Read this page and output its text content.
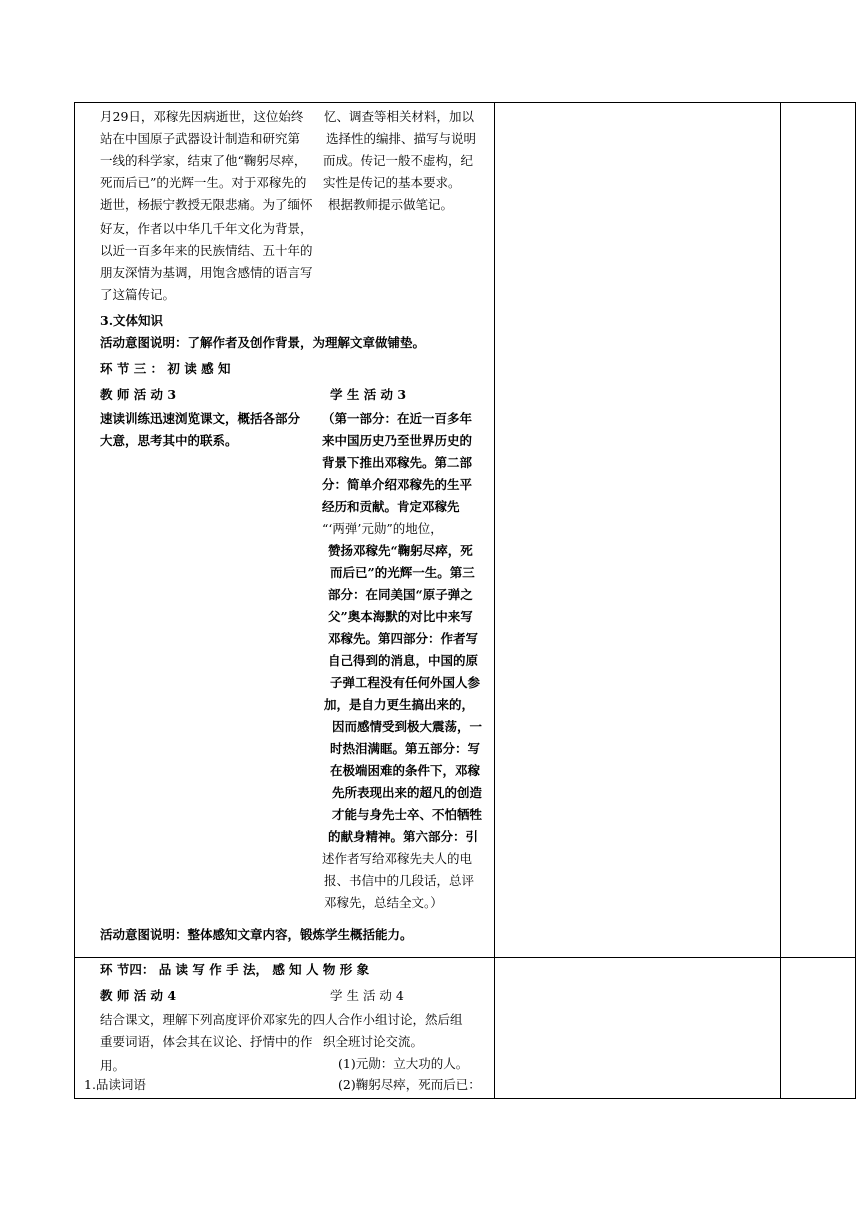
月29日，邓稼先因病逝世，这位始终
站在中国原子武器设计制造和研究第
一线的科学家，结束了他“鞠躬尽瘁，
死而后已”的光辉一生。对于邓稼先的
逝世，杨振宁教授无限悲痛。为了缅怀
好友，作者以中华几千年文化为背景，
以近一百多年来的民族情结、五十年的
朋友深情为基调，用饱含感情的语言写
了这篇传记。
忆、调查等相关材料，加以
选择性的编排、描写与说明
而成。传记一般不虚构，纪
实性是传记的基本要求。
根据教师提示做笔记。
3.文体知识
活动意图说明：了解作者及创作背景，为理解文章做铺垫。
环 节 三 ： 初 读 感 知
教 师 活 动 3	学 生 活 动 3
速读训练迅速浏览课文，概括各部分
大意，思考其中的联系。
（第一部分：在近一百多年
来中国历史乃至世界历史的
背景下推出邓稼先。第二部
分：简单介绍邓稼先的生平
经历和贡献。肯定邓稼先
“‘两弹’元勋”的地位，
赞扬邓稼先“鞠躬尽瘁，死
而后已”的光辉一生。第三
部分：在同美国“原子弹之
父”奥本海默的对比中来写
邓稼先。第四部分：作者写
自己得到的消息，中国的原
子弹工程没有任何外国人参
加，是自力更生搞出来的，
因而感情受到极大震荡，一
时热泪满眶。第五部分：写
在极端困难的条件下，邓稼
先所表现出来的超凡的创造
才能与身先士卒、不怕牺牲
的献身精神。第六部分：引
述作者写给邓稼先夫人的电
报、书信中的几段话，总评
邓稼先，总结全文。）
活动意图说明：整体感知文章内容，锻炼学生概括能力。
环 节四： 品 读 写 作 手 法， 感 知 人 物 形 象
教 师 活 动 4	学 生 活 动 4
结合课文，理解下列高度评价邓家先的四人合作小组讨论，然后组
重要词语，体会其在议论、抒情中的作 织全班讨论交流。
用。	(1)元勋：立大功的人。
1.品读词语	(2)鞠躬尽瘁，死而后已：
